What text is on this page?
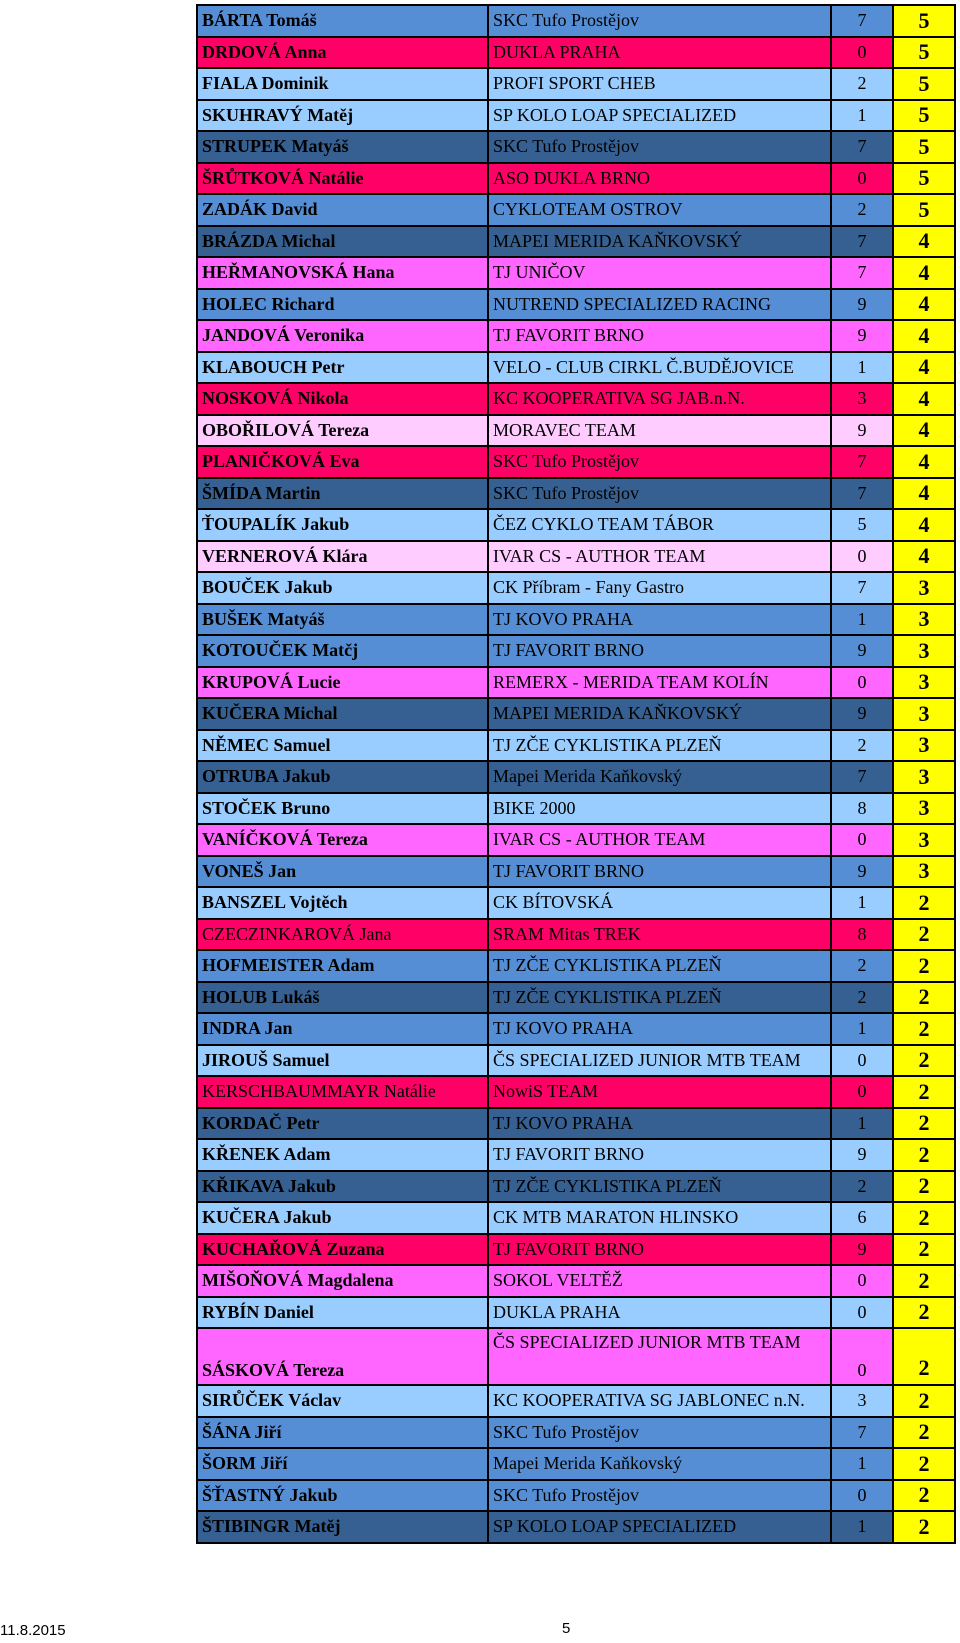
BÁRTA Tomáš	SKC Tufo Prostějov	7	5
DRDOVÁ Anna	DUKLA PRAHA	0	5
FIALA Dominik	PROFI SPORT CHEB	2	5
SKUHRAVÝ Matěj	SP KOLO LOAP SPECIALIZED	1	5
STRUPEK Matyáš	SKC Tufo Prostějov	7	5
ŠRŮTKOVÁ Natálie	ASO DUKLA BRNO	0	5
ZADÁK David	CYKLOTEAM OSTROV	2	5
BRÁZDA Michal	MAPEI MERIDA KAŇKOVSKÝ	7	4
HEŘMANOVSKÁ Hana	TJ UNIČOV	7	4
HOLEC Richard	NUTREND SPECIALIZED RACING	9	4
JANDOVÁ Veronika	TJ FAVORIT BRNO	9	4
KLABOUCH Petr	VELO - CLUB CIRKL Č.BUDĚJOVICE	1	4
NOSKOVÁ Nikola	KC KOOPERATIVA SG JAB.n.N.	3	4
OBOŘILOVÁ Tereza	MORAVEC TEAM	9	4
PLANIČKOVÁ Eva	SKC Tufo Prostějov	7	4
ŠMÍDA Martin	SKC Tufo Prostějov	7	4
ŤOUPALÍK Jakub	ČEZ CYKLO TEAM TÁBOR	5	4
VERNEROVÁ Klára	IVAR CS - AUTHOR TEAM	0	4
BOUČEK Jakub	CK Příbram - Fany Gastro	7	3
BUŠEK Matyáš	TJ KOVO PRAHA	1	3
KOTOUČEK Matčj	TJ FAVORIT BRNO	9	3
KRUPOVÁ Lucie	REMERX - MERIDA TEAM KOLÍN	0	3
KUČERA Michal	MAPEI MERIDA KAŇKOVSKÝ	9	3
NĚMEC Samuel	TJ ZČE CYKLISTIKA PLZEŇ	2	3
OTRUBA Jakub	Mapei Merida Kaňkovský	7	3
STOČEK Bruno	BIKE 2000	8	3
VANÍČKOVÁ Tereza	IVAR CS - AUTHOR TEAM	0	3
VONEŠ Jan	TJ FAVORIT BRNO	9	3
BANSZEL Vojtěch	CK BÍTOVSKÁ	1	2
CZECZINKAROVÁ Jana	SRAM Mitas TREK	8	2
HOFMEISTER Adam	TJ ZČE CYKLISTIKA PLZEŇ	2	2
HOLUB Lukáš	TJ ZČE CYKLISTIKA PLZEŇ	2	2
INDRA Jan	TJ KOVO PRAHA	1	2
JIROUŠ Samuel	ČS SPECIALIZED JUNIOR MTB TEAM	0	2
KERSCHBAUMMAYR Natálie	NowiS TEAM	0	2
KORDAČ Petr	TJ KOVO PRAHA	1	2
KŘENEK Adam	TJ FAVORIT BRNO	9	2
KŘIKAVA Jakub	TJ ZČE CYKLISTIKA PLZEŇ	2	2
KUČERA Jakub	CK MTB MARATON HLINSKO	6	2
KUCHAŘOVÁ Zuzana	TJ FAVORIT BRNO	9	2
MIŠOŇOVÁ Magdalena	SOKOL VELTĚŽ	0	2
RYBÍN Daniel	DUKLA PRAHA	0	2
SÁSKOVÁ Tereza	ČS SPECIALIZED JUNIOR MTB TEAM	0	2
SIRŮČEK Václav	KC KOOPERATIVA SG JABLONEC n.N.	3	2
ŠÁNA Jiří	SKC Tufo Prostějov	7	2
ŠORM Jiří	Mapei Merida Kaňkovský	1	2
ŠŤASTNÝ Jakub	SKC Tufo Prostějov	0	2
ŠTIBINGR Matěj	SP KOLO LOAP SPECIALIZED	1	2
11.8.2015	5
